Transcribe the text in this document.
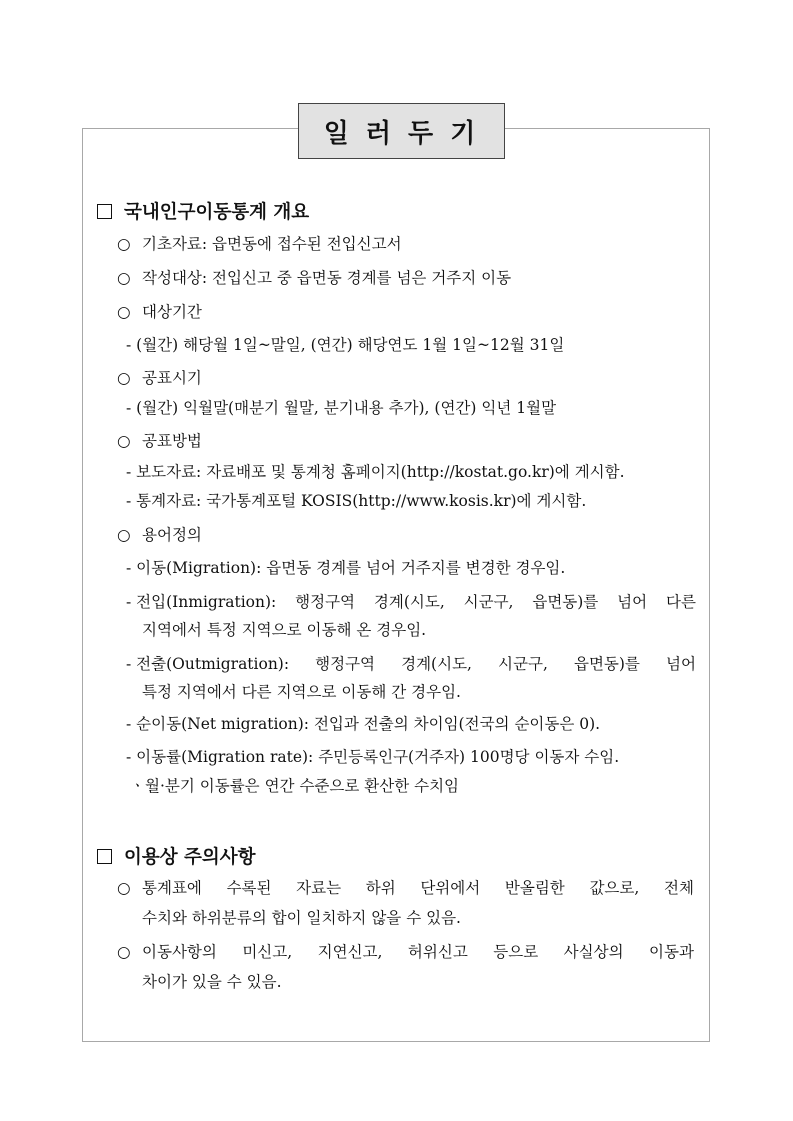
일 러 두 기
국내인구이동통계 개요
○ 기초자료: 읍면동에 접수된 전입신고서
○ 작성대상: 전입신고 중 읍면동 경계를 넘은 거주지 이동
○ 대상기간
- (월간) 해당월 1일~말일, (연간) 해당연도 1월 1일~12월 31일
○ 공표시기
- (월간) 익월말(매분기 월말, 분기내용 추가), (연간) 익년 1월말
○ 공표방법
- 보도자료: 자료배포 및 통계청 홈페이지(http://kostat.go.kr)에 게시함.
- 통계자료: 국가통계포털 KOSIS(http://www.kosis.kr)에 게시함.
○ 용어정의
- 이동(Migration): 읍면동 경계를 넘어 거주지를 변경한 경우임.
- 전입(Inmigration): 행정구역 경계(시도, 시군구, 읍면동)를 넘어 다른
지역에서 특정 지역으로 이동해 온 경우임.
- 전출(Outmigration): 행정구역 경계(시도, 시군구, 읍면동)를 넘어
특정 지역에서 다른 지역으로 이동해 간 경우임.
- 순이동(Net migration): 전입과 전출의 차이임(전국의 순이동은 0).
- 이동률(Migration rate): 주민등록인구(거주자) 100명당 이동자 수임.
ㆍ월·분기 이동률은 연간 수준으로 환산한 수치임
이용상 주의사항
○ 통계표에 수록된 자료는 하위 단위에서 반올림한 값으로, 전체
수치와 하위분류의 합이 일치하지 않을 수 있음.
○ 이동사항의 미신고, 지연신고, 허위신고 등으로 사실상의 이동과
차이가 있을 수 있음.
